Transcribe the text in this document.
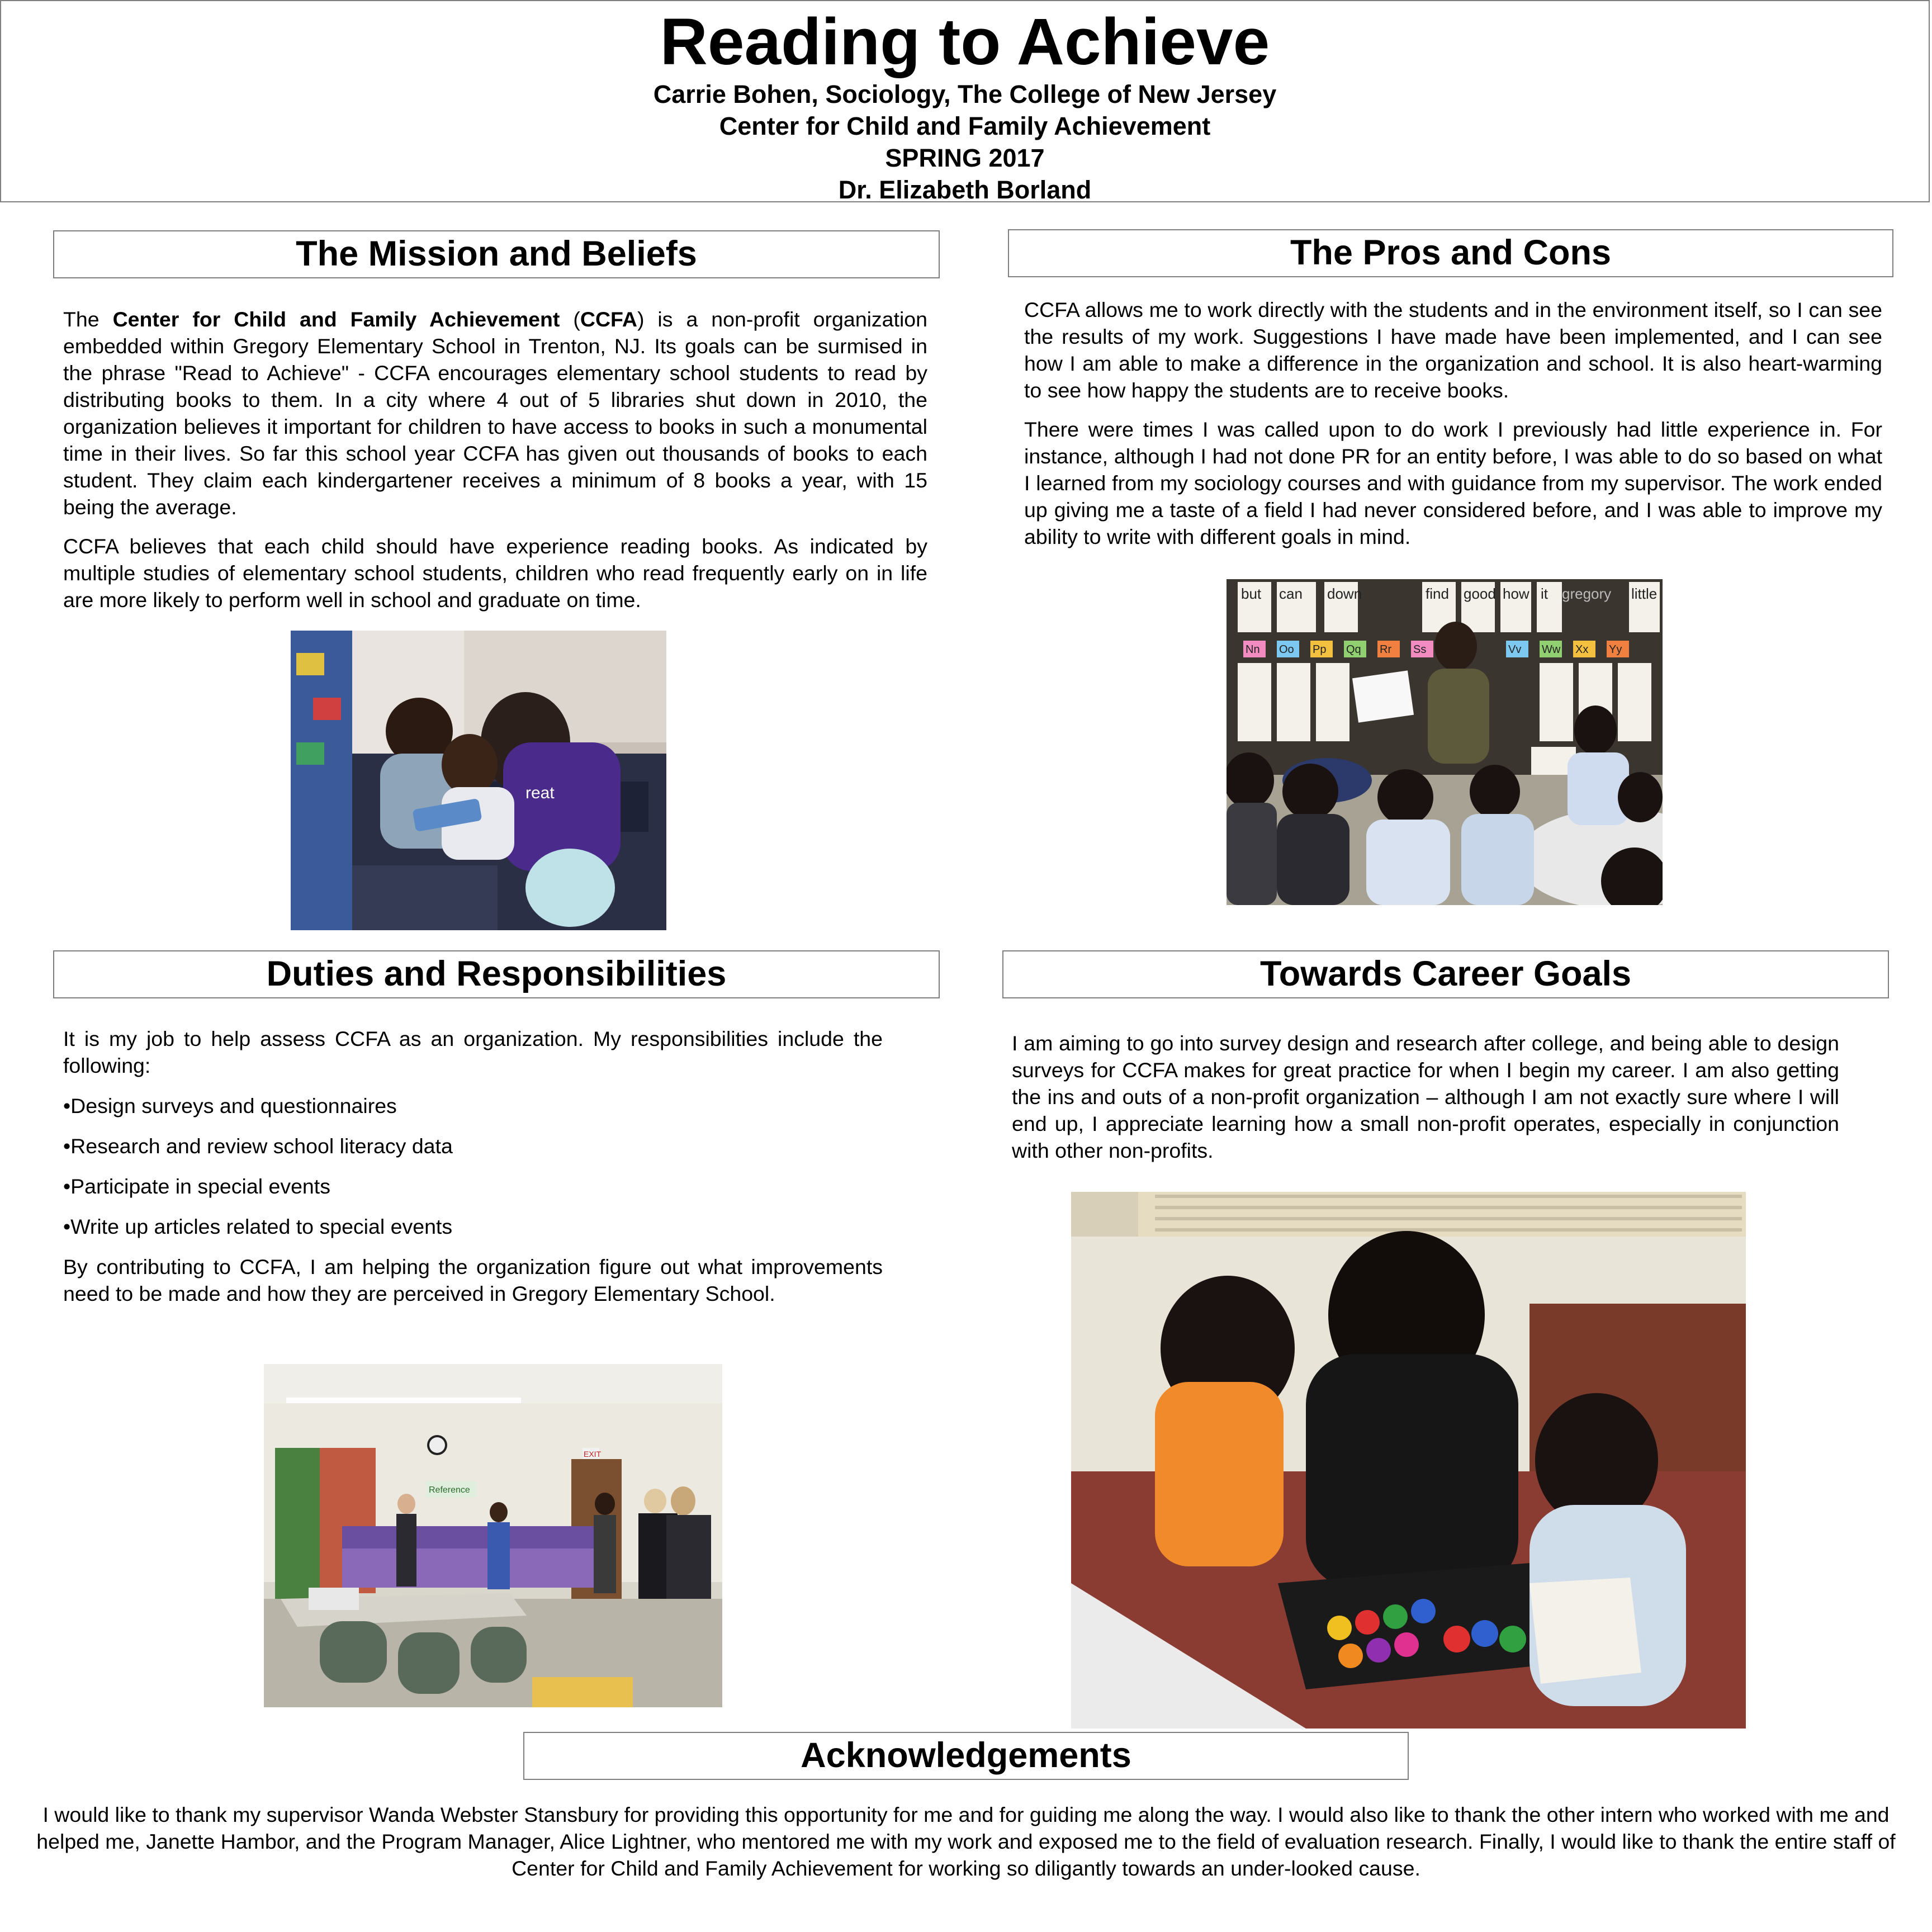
Reading to Achieve
Carrie Bohen, Sociology, The College of New Jersey
Center for Child and Family Achievement
SPRING 2017
Dr. Elizabeth Borland
The Mission and Beliefs

The Center for Child and Family Achievement (CCFA) is a non-profit organization embedded within Gregory Elementary School in Trenton, NJ. Its goals can be surmised in the phrase "Read to Achieve" - CCFA encourages elementary school students to read by distributing books to them. In a city where 4 out of 5 libraries shut down in 2010, the organization believes it important for children to have access to books in such a monumental time in their lives. So far this school year CCFA has given out thousands of books to each student. They claim each kindergartener receives a minimum of 8 books a year, with 15 being the average.

CCFA believes that each child should have experience reading books. As indicated by multiple studies of elementary school students, children who read frequently early on in life are more likely to perform well in school and graduate on time.

reat
The Pros and Cons

CCFA allows me to work directly with the students and in the environment itself, so I can see the results of my work. Suggestions I have made have been implemented, and I can see how I am able to make a difference in the organization and school. It is also heart-warming to see how happy the students are to receive books.

There were times I was called upon to do work I previously had little experience in. For instance, although I had not done PR for an entity before, I was able to do so based on what I learned from my sociology courses and with guidance from my supervisor. The work ended up giving me a taste of a field I had never considered before, and I was able to improve my ability to write with different goals in mind.

but can down	find good how it gregory little
Nn Oo Pp Qq Rr Ss	Vv Ww Xx Yy
Duties and Responsibilities

It is my job to help assess CCFA as an organization. My responsibilities include the following:

•Design surveys and questionnaires

•Research and review school literacy data

•Participate in special events

•Write up articles related to special events

By contributing to CCFA, I am helping the organization figure out what improvements need to be made and how they are perceived in Gregory Elementary School.

Reference
EXIT
Towards Career Goals

I am aiming to go into survey design and research after college, and being able to design surveys for CCFA makes for great practice for when I begin my career. I am also getting the ins and outs of a non-profit organization – although I am not exactly sure where I will end up, I appreciate learning how a small non-profit operates, especially in conjunction with other non-profits.

Acknowledgements
I would like to thank my supervisor Wanda Webster Stansbury for providing this opportunity for me and for guiding me along the way. I would also like to thank the other intern who worked with me and helped me, Janette Hambor, and the Program Manager, Alice Lightner, who mentored me with my work and exposed me to the field of evaluation research. Finally, I would like to thank the entire staff of Center for Child and Family Achievement for working so diligantly towards an under-looked cause.
